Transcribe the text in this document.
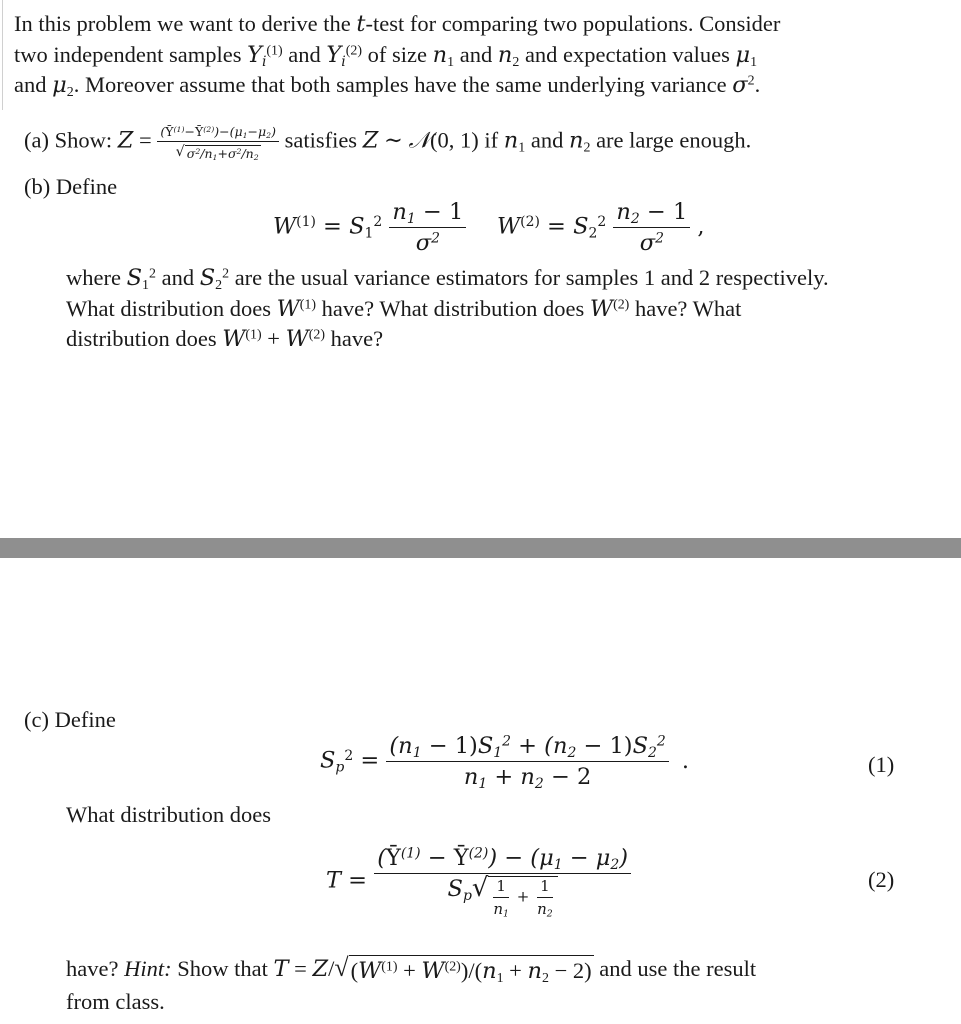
In this problem we want to derive the t-test for comparing two populations. Consider
two independent samples $Y_i^{(1)}$ and $Y_i^{(2)}$ of size $n_1$ and $n_2$ and expectation values $\mu_1$
and $\mu_2$. Moreover assume that both samples have the same underlying variance $\sigma^2$.
(a) Show: $Z = \frac{(Ȳ^{(1)}-Ȳ^{(2)})-(\mu_1-\mu_2)}{√ \sigma^2/n_1+\sigma^2/n_2}$ satisfies Z ∼ 𝒩(0, 1) if $n_1$ and $n_2$ are large enough.
(b) Define
$W^{(1)} = S_1^2 \frac{n_1 - 1}{\sigma^2} W^{(2)} = S_2^2 \frac{n_2 - 1}{\sigma^2}$ ,
where $S_1^2$ and $S_2^2$ are the usual variance estimators for samples 1 and 2 respectively.
What distribution does $W^{(1)}$ have? What distribution does $W^{(2)}$ have? What
distribution does $W^{(1)} + W^{(2)}$ have?
(c) Define
$S_p^2 = \frac{(n_1 - 1)S_1^2 + (n_2 - 1)S_2^2}{n_1 + n_2 - 2}$ .	(1)
What distribution does
$T = \frac{(Ȳ^{(1)} - Ȳ^{(2)}) - (\mu_1 - \mu_2)}{S_p √ \frac{1}{n_1} + \frac{1}{n_2}}$	(2)
have? Hint: Show that T = Z/ √ $(W^{(1)} + W^{(2)})/(n_1 + n_2 - 2)$ and use the result
from class.
